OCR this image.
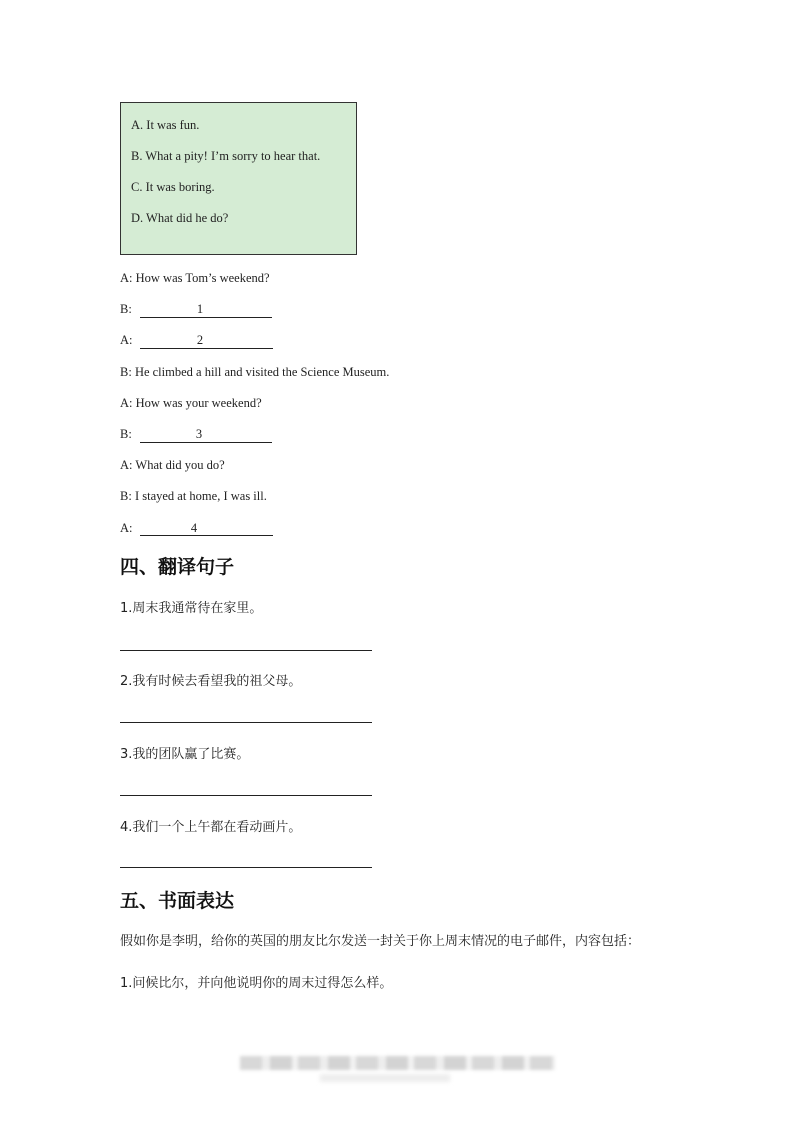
A. It was fun.
B. What a pity! I’m sorry to hear that.
C. It was boring.
D. What did he do?
A: How was Tom’s weekend?
B:	1
A:	2
B: He climbed a hill and visited the Science Museum.
A: How was your weekend?
B:	3
A: What did you do?
B: I stayed at home, I was ill.
A:	4
四、翻译句子
1.周末我通常待在家里。
2.我有时候去看望我的祖父母。
3.我的团队赢了比赛。
4.我们一个上午都在看动画片。
五、书面表达
假如你是李明，给你的英国的朋友比尔发送一封关于你上周末情况的电子邮件，内容包括：
1.问候比尔，并向他说明你的周末过得怎么样。
